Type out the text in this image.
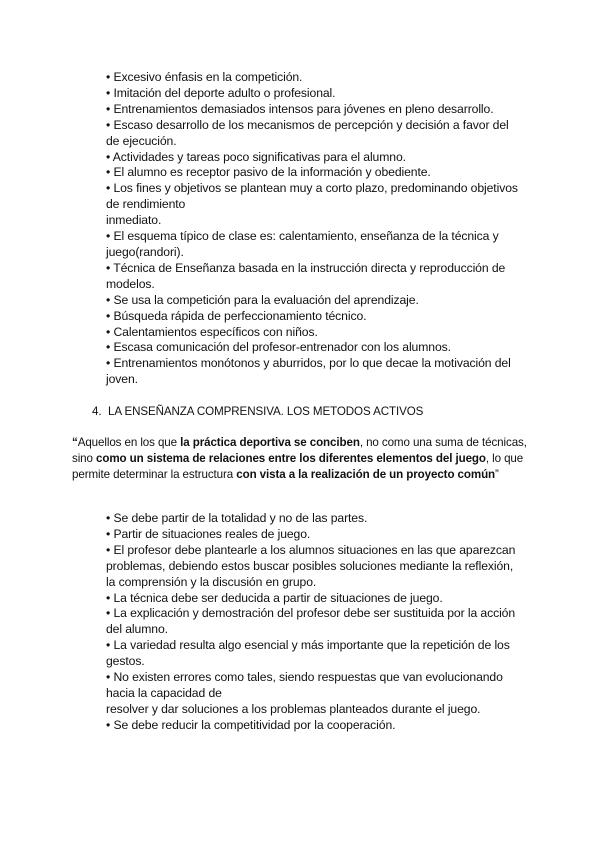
• Excesivo énfasis en la competición.
• Imitación del deporte adulto o profesional.
• Entrenamientos demasiados intensos para jóvenes en pleno desarrollo.
• Escaso desarrollo de los mecanismos de percepción y decisión a favor del
de ejecución.
• Actividades y tareas poco significativas para el alumno.
• El alumno es receptor pasivo de la información y obediente.
• Los fines y objetivos se plantean muy a corto plazo, predominando objetivos
de rendimiento
inmediato.
• El esquema típico de clase es: calentamiento, enseñanza de la técnica y
juego(randori).
• Técnica de Enseñanza basada en la instrucción directa y reproducción de
modelos.
• Se usa la competición para la evaluación del aprendizaje.
• Búsqueda rápida de perfeccionamiento técnico.
• Calentamientos específicos con niños.
• Escasa comunicación del profesor-entrenador con los alumnos.
• Entrenamientos monótonos y aburridos, por lo que decae la motivación del
joven.
4. LA ENSEÑANZA COMPRENSIVA. LOS METODOS ACTIVOS

“Aquellos en los que la práctica deportiva se conciben, no como una suma de técnicas, sino como un sistema de relaciones entre los diferentes elementos del juego, lo que permite determinar la estructura con vista a la realización de un proyecto común”

• Se debe partir de la totalidad y no de las partes.
• Partir de situaciones reales de juego.
• El profesor debe plantearle a los alumnos situaciones en las que aparezcan
problemas, debiendo estos buscar posibles soluciones mediante la reflexión,
la comprensión y la discusión en grupo.
• La técnica debe ser deducida a partir de situaciones de juego.
• La explicación y demostración del profesor debe ser sustituida por la acción
del alumno.
• La variedad resulta algo esencial y más importante que la repetición de los
gestos.
• No existen errores como tales, siendo respuestas que van evolucionando
hacia la capacidad de
resolver y dar soluciones a los problemas planteados durante el juego.
• Se debe reducir la competitividad por la cooperación.
